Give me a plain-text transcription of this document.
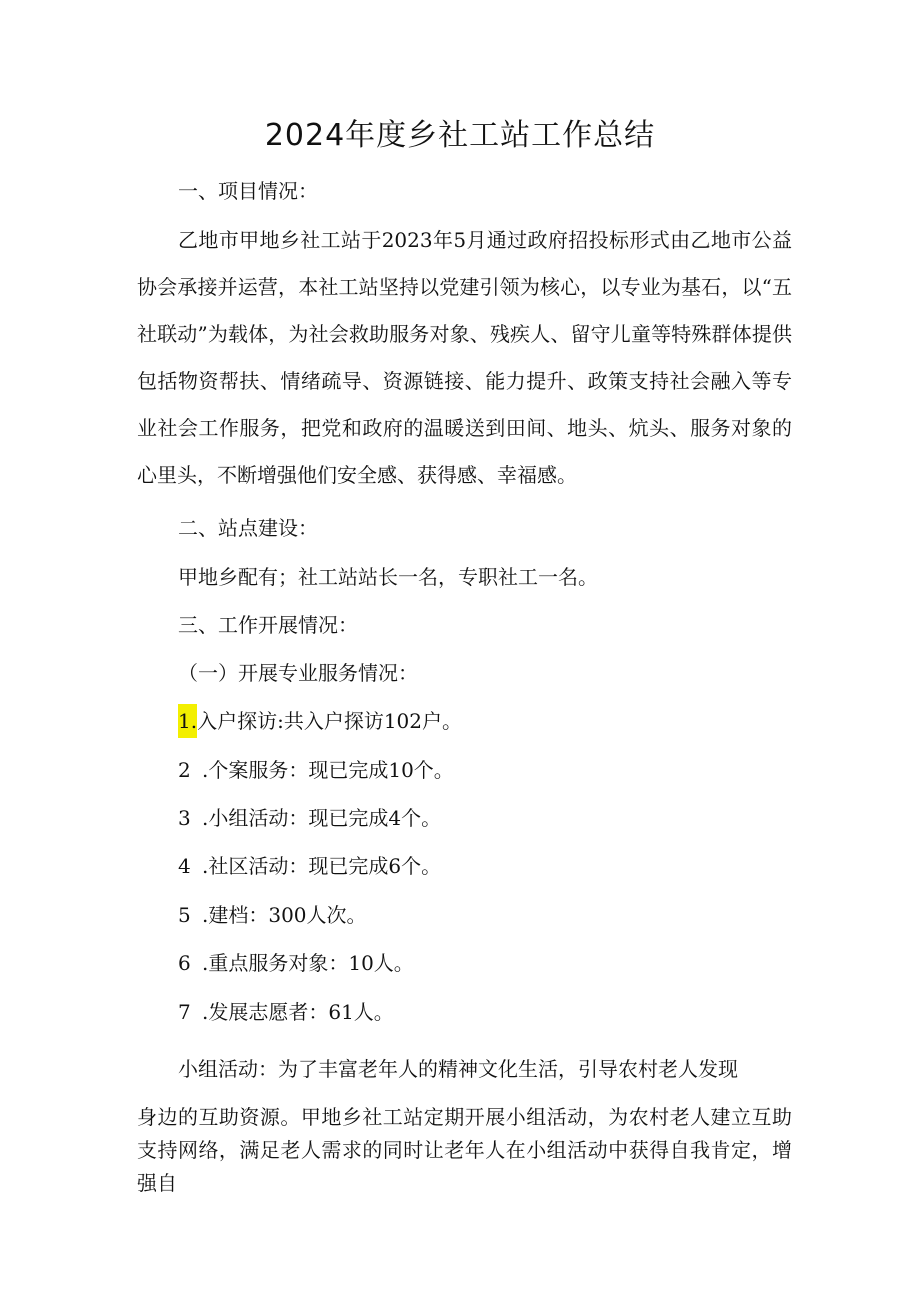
2024年度乡社工站工作总结
一、项目情况：

乙地市甲地乡社工站于2023年5月通过政府招投标形式由乙地市公益协会承接并运营，本社工站坚持以党建引领为核心，以专业为基石，以“五社联动”为载体，为社会救助服务对象、残疾人、留守儿童等特殊群体提供包括物资帮扶、情绪疏导、资源链接、能力提升、政策支持社会融入等专业社会工作服务，把党和政府的温暖送到田间、地头、炕头、服务对象的心里头，不断增强他们安全感、获得感、幸福感。

二、站点建设：
甲地乡配有；社工站站长一名，专职社工一名。
三、工作开展情况：
（一）开展专业服务情况：
1.入户探访:共入户探访102户。
2 .个案服务：现已完成10个。
3 .小组活动：现已完成4个。
4 .社区活动：现已完成6个。
5 .建档：300人次。
6 .重点服务对象：10人。
7 .发展志愿者：61人。
小组活动：为了丰富老年人的精神文化生活，引导农村老人发现

身边的互助资源。甲地乡社工站定期开展小组活动，为农村老人建立互助支持网络，满足老人需求的同时让老年人在小组活动中获得自我肯定，增强自
